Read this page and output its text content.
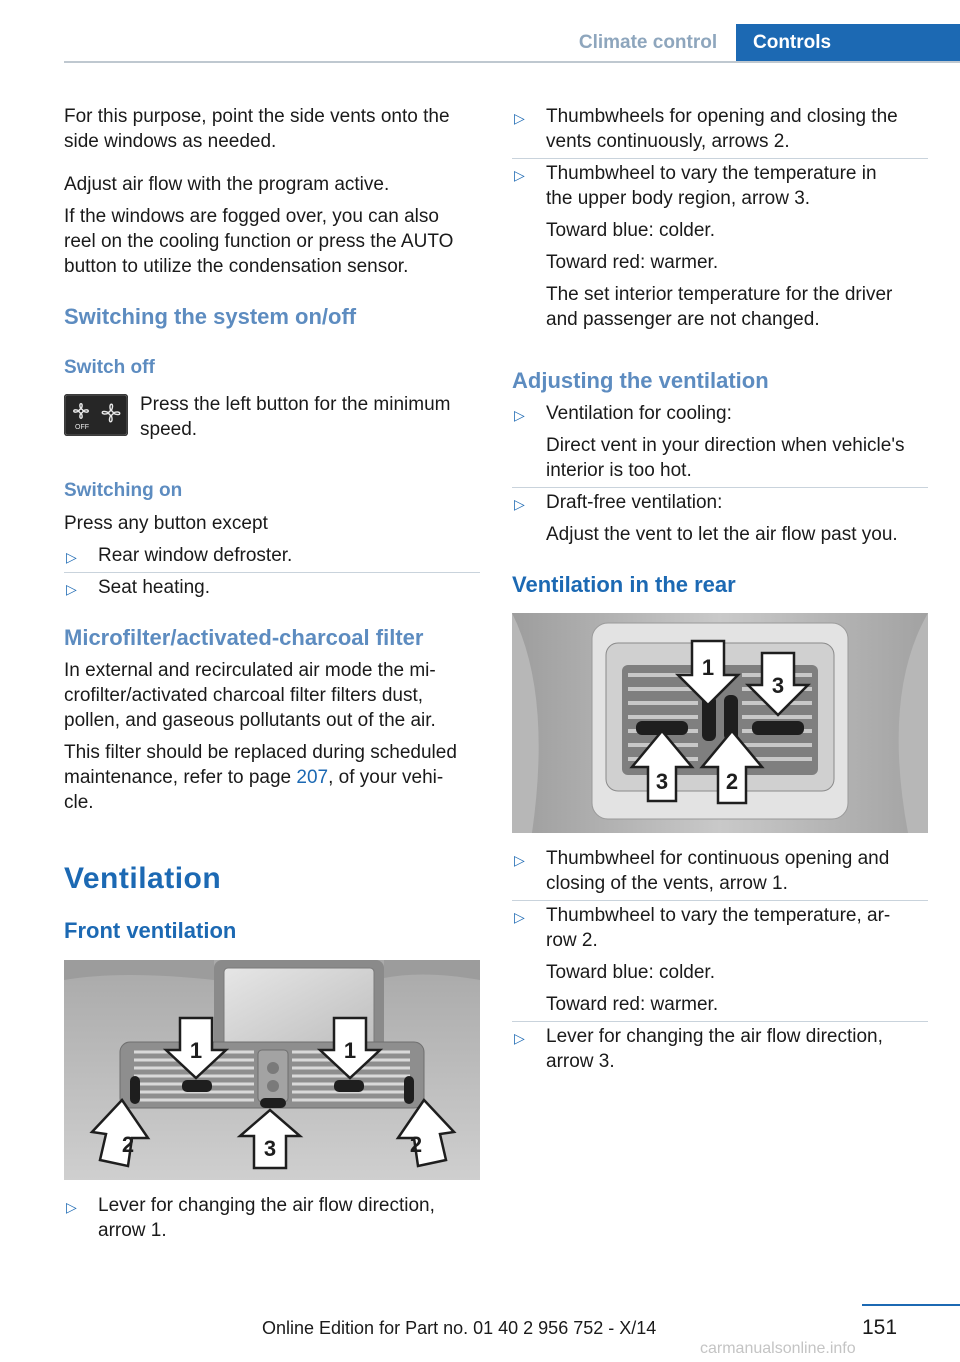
Climate control	Controls
For this purpose, point the side vents onto the
side windows as needed.
Adjust air flow with the program active.
If the windows are fogged over, you can also
reel on the cooling function or press the AUTO
button to utilize the condensation sensor.
Switching the system on/off
Switch off
OFF
Press the left button for the minimum
speed.
Switching on
Press any button except
▷ Rear window defroster.
▷ Seat heating.
Microfilter/activated-charcoal filter
In external and recirculated air mode the mi‐
crofilter/activated charcoal filter filters dust,
pollen, and gaseous pollutants out of the air.
This filter should be replaced during scheduled
maintenance, refer to page 207, of your vehi‐
cle.
Ventilation
Front ventilation
1	1
2	3	2
▷ Lever for changing the air flow direction,
arrow 1.
▷ Thumbwheels for opening and closing the
vents continuously, arrows 2.
▷ Thumbwheel to vary the temperature in
the upper body region, arrow 3.
Toward blue: colder.
Toward red: warmer.
The set interior temperature for the driver
and passenger are not changed.
Adjusting the ventilation
▷ Ventilation for cooling:
Direct vent in your direction when vehicle's
interior is too hot.
▷ Draft-free ventilation:
Adjust the vent to let the air flow past you.
Ventilation in the rear
1
3
3	2
▷ Thumbwheel for continuous opening and
closing of the vents, arrow 1.
▷ Thumbwheel to vary the temperature, ar‐
row 2.
Toward blue: colder.
Toward red: warmer.
▷ Lever for changing the air flow direction,
arrow 3.
151
Online Edition for Part no. 01 40 2 956 752 - X/14
carmanualsonline.info
